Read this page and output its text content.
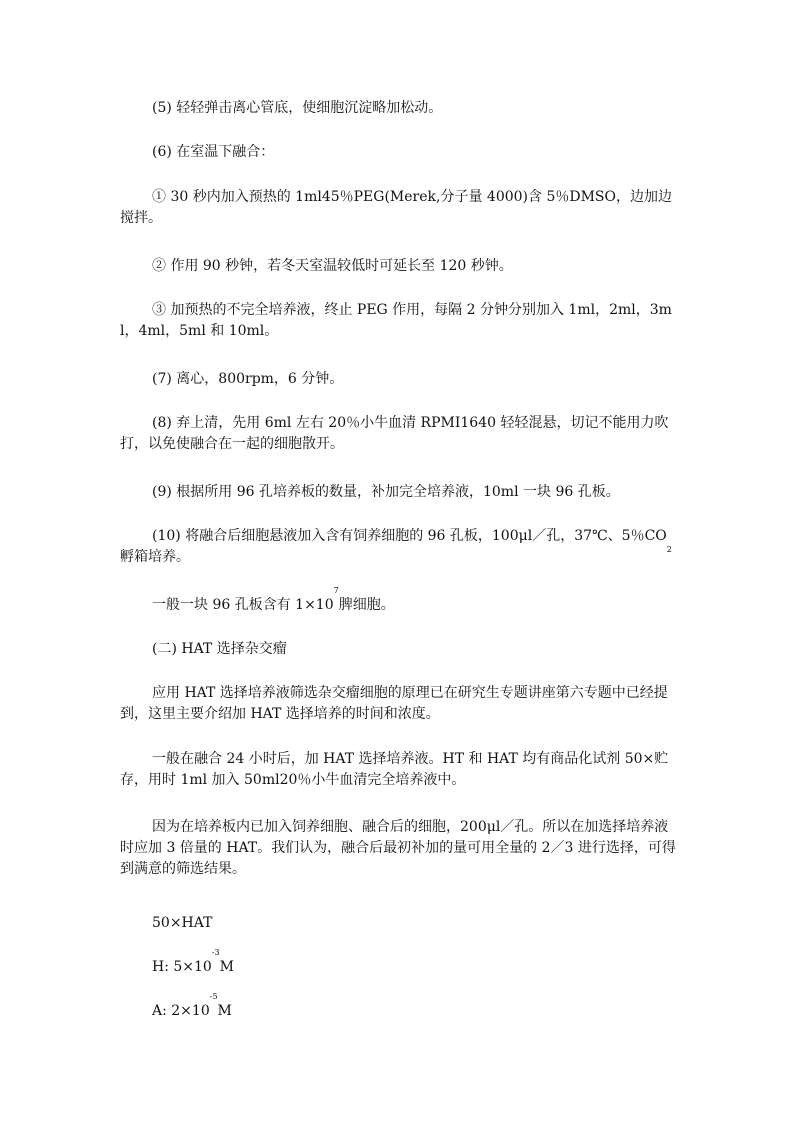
(5) 轻轻弹击离心管底，使细胞沉淀略加松动。

(6) 在室温下融合：

① 30 秒内加入预热的 1ml45％PEG(Merek,分子量 4000)含 5％DMSO，边加边搅拌。

② 作用 90 秒钟，若冬天室温较低时可延长至 120 秒钟。

③ 加预热的不完全培养液，终止 PEG 作用，每隔 2 分钟分别加入 1ml，2ml，3ml，4ml，5ml 和 10ml。

(7) 离心，800rpm，6 分钟。

(8) 弃上清，先用 6ml 左右 20％小牛血清 RPMI1640 轻轻混悬，切记不能用力吹打，以免使融合在一起的细胞散开。

(9) 根据所用 96 孔培养板的数量，补加完全培养液，10ml 一块 96 孔板。

(10) 将融合后细胞悬液加入含有饲养细胞的 96 孔板，100μl／孔，37℃、5％$CO_2$孵箱培养。

一般一块 96 孔板含有 $1\times 10^7$脾细胞。

(二) HAT 选择杂交瘤

应用 HAT 选择培养液筛选杂交瘤细胞的原理已在研究生专题讲座第六专题中已经提到，这里主要介绍加 HAT 选择培养的时间和浓度。

一般在融合 24 小时后，加 HAT 选择培养液。HT 和 HAT 均有商品化试剂 50×贮存，用时 1ml 加入 50ml20％小牛血清完全培养液中。

因为在培养板内已加入饲养细胞、融合后的细胞，200μl／孔。所以在加选择培养液时应加 3 倍量的 HAT。我们认为，融合后最初补加的量可用全量的 2／3 进行选择，可得到满意的筛选结果。

50×HAT

H: $5\times 10^{-3}M$

A: $2\times 10^{-5}M$
